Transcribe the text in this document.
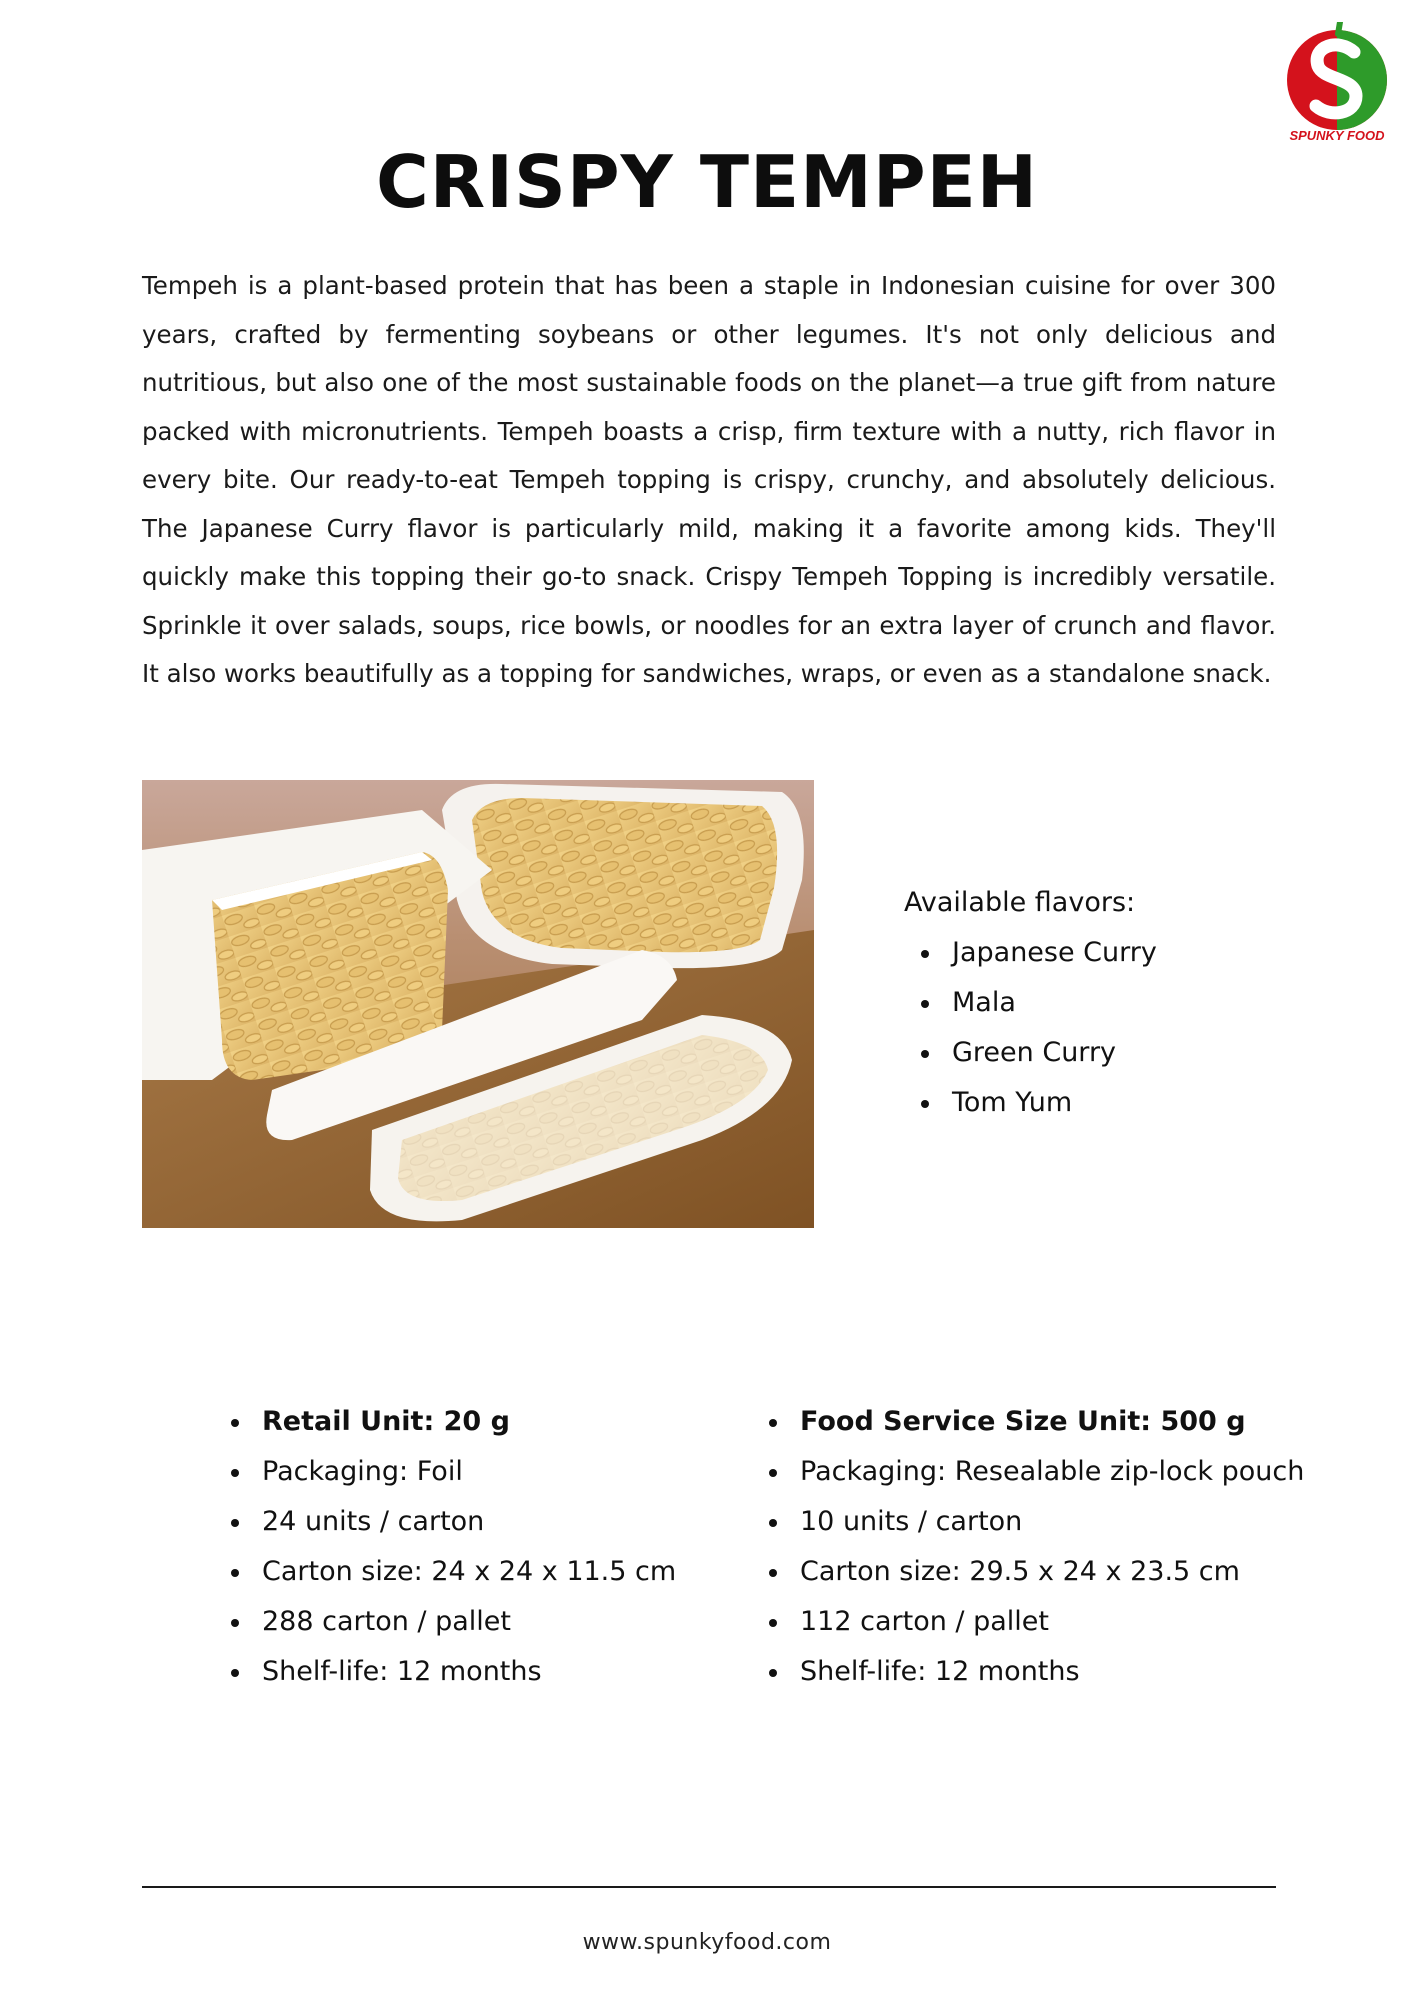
SPUNKY FOOD
CRISPY TEMPEH

Tempeh is a plant-based protein that has been a staple in Indonesian cuisine for over 300 years, crafted by fermenting soybeans or other legumes. It's not only delicious and nutritious, but also one of the most sustainable foods on the planet—a true gift from nature packed with micronutrients. Tempeh boasts a crisp, firm texture with a nutty, rich flavor in every bite. Our ready-to-eat Tempeh topping is crispy, crunchy, and absolutely delicious. The Japanese Curry flavor is particularly mild, making it a favorite among kids. They'll quickly make this topping their go-to snack. Crispy Tempeh Topping is incredibly versatile. Sprinkle it over salads, soups, rice bowls, or noodles for an extra layer of crunch and flavor. It also works beautifully as a topping for sandwiches, wraps, or even as a standalone snack.

Available flavors:

Japanese Curry
Mala
Green Curry
Tom Yum
Retail Unit: 20 g
Packaging: Foil
24 units / carton
Carton size: 24 x 24 x 11.5 cm
288 carton / pallet
Shelf-life: 12 months
Food Service Size Unit: 500 g
Packaging: Resealable zip-lock pouch
10 units / carton
Carton size: 29.5 x 24 x 23.5 cm
112 carton / pallet
Shelf-life: 12 months
www.spunkyfood.com
